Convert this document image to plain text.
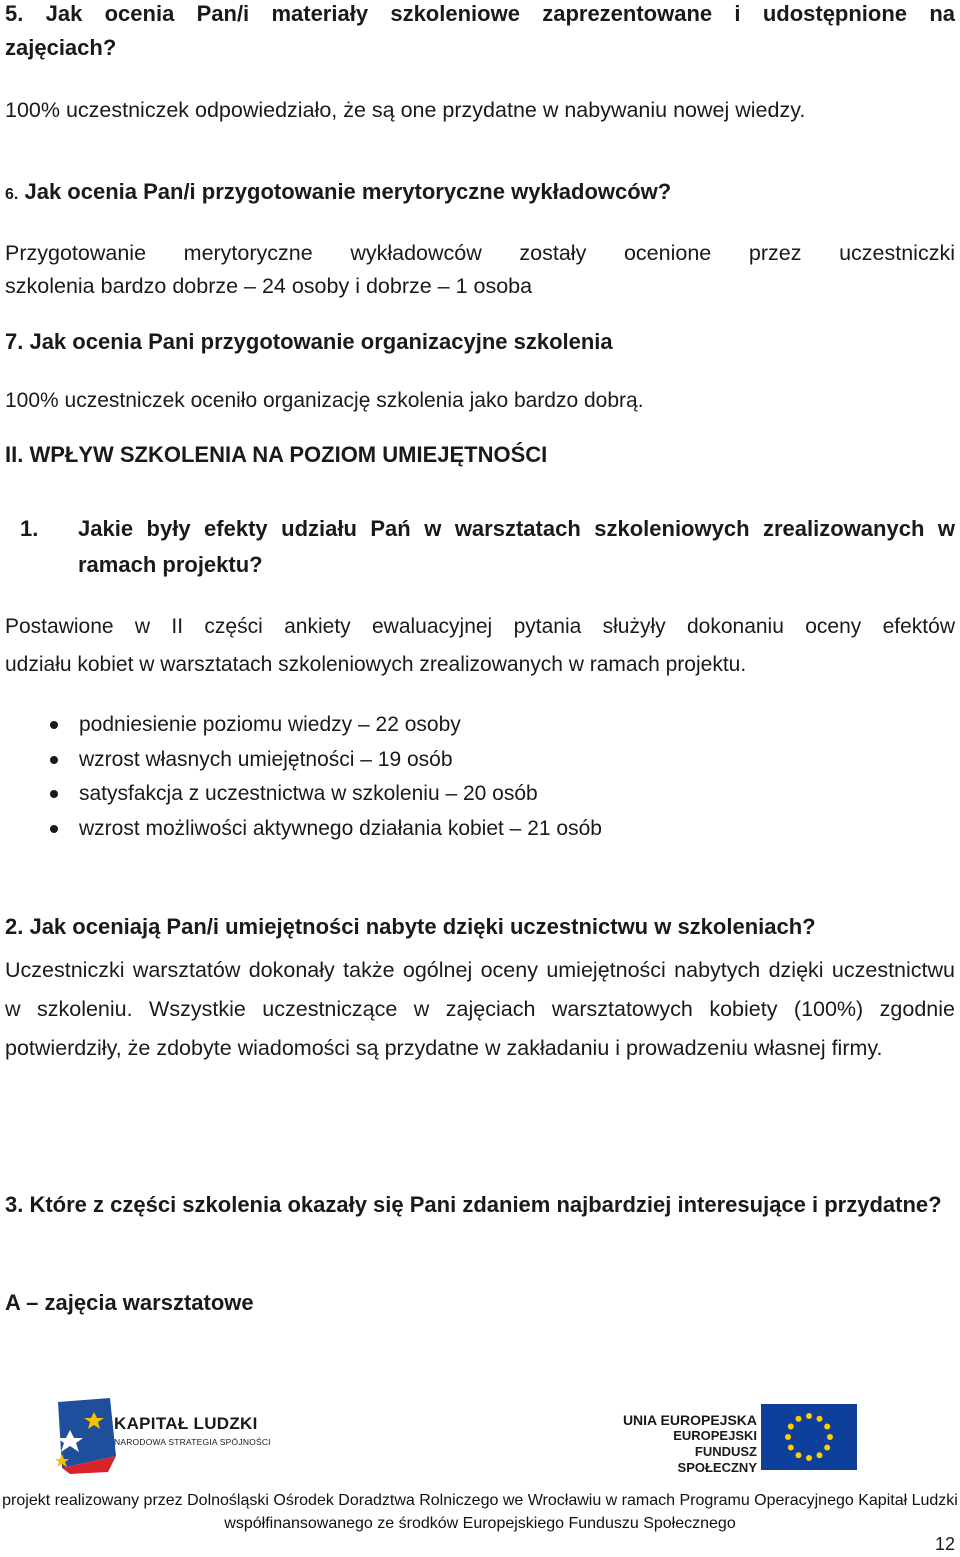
5. Jak ocenia Pan/i materiały szkoleniowe zaprezentowane i udostępnione na
zajęciach?
100% uczestniczek odpowiedziało, że są one przydatne w nabywaniu nowej wiedzy.
6. Jak ocenia Pan/i przygotowanie merytoryczne wykładowców?
Przygotowanie merytoryczne wykładowców zostały ocenione przez uczestniczki
szkolenia bardzo dobrze – 24 osoby i dobrze – 1 osoba
7. Jak ocenia Pani przygotowanie organizacyjne szkolenia
100% uczestniczek oceniło organizację szkolenia jako bardzo dobrą.
II. WPŁYW SZKOLENIA NA POZIOM UMIEJĘTNOŚCI
1.	Jakie były efekty udziału Pań w warsztatach szkoleniowych zrealizowanych w
ramach projektu?
Postawione w II części ankiety ewaluacyjnej pytania służyły dokonaniu oceny efektów
udziału kobiet w warsztatach szkoleniowych zrealizowanych w ramach projektu.
podniesienie poziomu wiedzy – 22 osoby
wzrost własnych umiejętności – 19 osób
satysfakcja z uczestnictwa w szkoleniu – 20 osób
wzrost możliwości aktywnego działania kobiet – 21 osób
2. Jak oceniają Pan/i umiejętności nabyte dzięki uczestnictwu w szkoleniach?
Uczestniczki warsztatów dokonały także ogólnej oceny umiejętności nabytych dzięki uczestnictwu w szkoleniu. Wszystkie uczestniczące w zajęciach warsztatowych kobiety (100%) zgodnie potwierdziły, że zdobyte wiadomości są przydatne w zakładaniu i prowadzeniu własnej firmy.
3. Które z części szkolenia okazały się Pani zdaniem najbardziej interesujące i przydatne?
A – zajęcia warsztatowe
KAPITAŁ LUDZKI
NARODOWA STRATEGIA SPÓJNOŚCI
UNIA EUROPEJSKA
EUROPEJSKI
FUNDUSZ SPOŁECZNY
projekt realizowany przez Dolnośląski Ośrodek Doradztwa Rolniczego we Wrocławiu w ramach Programu Operacyjnego Kapitał Ludzki
współfinansowanego ze środków Europejskiego Funduszu Społecznego
12
